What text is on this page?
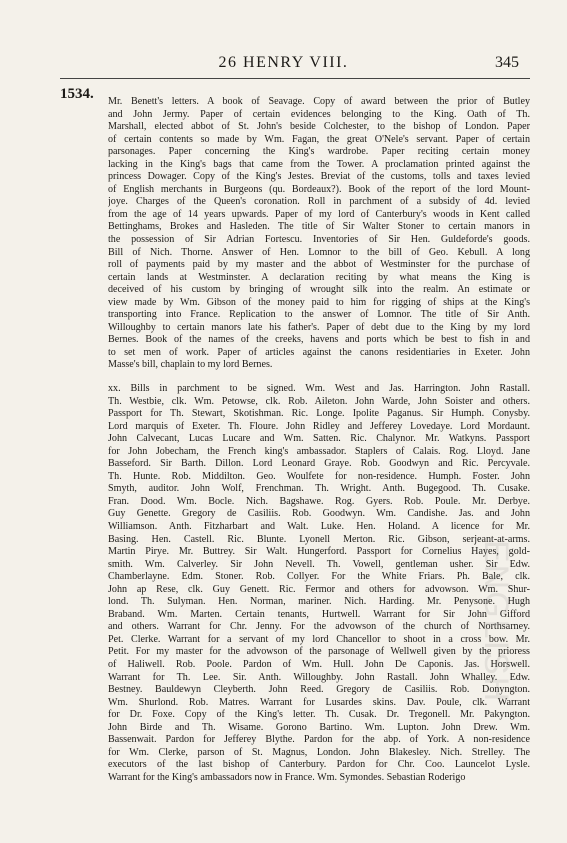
26 HENRY VIII.	345
1534. Mr. Benett's letters. A book of Seavage. Copy of award between the prior of Butley
and John Jermy. Paper of certain evidences belonging to the King. Oath of Th.
Marshall, elected abbot of St. John's beside Colchester, to the bishop of London. Paper
of certain contents so made by Wm. Fagan, the great O'Nele's servant. Paper of certain
parsonages. Paper concerning the King's wardrobe. Paper reciting certain money
lacking in the King's bags that came from the Tower. A proclamation printed against the
princess Dowager. Copy of the King's Jestes. Breviat of the customs, tolls and taxes levied
of English merchants in Burgeons (qu. Bordeaux?). Book of the report of the lord Mount-
joye. Charges of the Queen's coronation. Roll in parchment of a subsidy of 4d. levied
from the age of 14 years upwards. Paper of my lord of Canterbury's woods in Kent called
Bettinghams, Brokes and Hasleden. The title of Sir Walter Stoner to certain manors in
the possession of Sir Adrian Fortescu. Inventories of Sir Hen. Guldeforde's goods.
Bill of Nich. Thorne. Answer of Hen. Lomnor to the bill of Geo. Kebull. A long
roll of payments paid by my master and the abbot of Westminster for the purchase of
certain lands at Westminster. A declaration reciting by what means the King is
deceived of his custom by bringing of wrought silk into the realm. An estimate or
view made by Wm. Gibson of the money paid to him for rigging of ships at the King's
transporting into France. Replication to the answer of Lomnor. The title of Sir Anth.
Willoughby to certain manors late his father's. Paper of debt due to the King by my lord
Bernes. Book of the names of the creeks, havens and ports which be best to fish in and
to set men of work. Paper of articles against the canons residentiaries in Exeter. John
Masse's bill, chaplain to my lord Bernes.
xx. Bills in parchment to be signed. Wm. West and Jas. Harrington. John Rastall.
Th. Westbie, clk. Wm. Petowse, clk. Rob. Aileton. John Warde, John Soister and others.
Passport for Th. Stewart, Skotishman. Ric. Longe. Ipolite Paganus. Sir Humph. Conysby.
Lord marquis of Exeter. Th. Floure. John Ridley and Jefferey Lovedaye. Lord Mordaunt.
John Calvecant, Lucas Lucare and Wm. Satten. Ric. Chalynor. Mr. Watkyns. Passport
for John Jobecham, the French king's ambassador. Staplers of Calais. Rog. Lloyd. Jane
Basseford. Sir Barth. Dillon. Lord Leonard Graye. Rob. Goodwyn and Ric. Percyvale.
Th. Hunte. Rob. Middilton. Geo. Woulfete for non-residence. Humph. Foster. John
Smyth, auditor. John Wolf, Frenchman. Th. Wright. Anth. Bugegood. Th. Cusake.
Fran. Dood. Wm. Bocle. Nich. Bagshawe. Rog. Gyers. Rob. Poule. Mr. Derbye.
Guy Genette. Gregory de Casiliis. Rob. Goodwyn. Wm. Candishe. Jas. and John
Williamson. Anth. Fitzharbart and Walt. Luke. Hen. Holand. A licence for Mr.
Basing. Hen. Castell. Ric. Blunte. Lyonell Merton. Ric. Gibson, serjeant-at-arms.
Martin Pirye. Mr. Buttrey. Sir Walt. Hungerford. Passport for Cornelius Hayes, gold-
smith. Wm. Calverley. Sir John Nevell. Th. Vowell, gentleman usher. Sir Edw.
Chamberlayne. Edm. Stoner. Rob. Collyer. For the White Friars. Ph. Bale, clk.
John ap Rese, clk. Guy Genett. Ric. Fermor and others for advowson. Wm. Shur-
lond. Th. Sulyman. Hen. Norman, mariner. Nich. Harding. Mr. Penysone. Hugh
Braband. Wm. Marten. Certain tenants, Hurtwell. Warrant for Sir John Gifford
and others. Warrant for Chr. Jenny. For the advowson of the church of Northsarney.
Pet. Clerke. Warrant for a servant of my lord Chancellor to shoot in a cross bow. Mr.
Petit. For my master for the advowson of the parsonage of Wellwell given by the prioress
of Haliwell. Rob. Poole. Pardon of Wm. Hull. John De Caponis. Jas. Horswell.
Warrant for Th. Lee. Sir. Anth. Willoughby. John Rastall. John Whalley. Edw.
Bestney. Bauldewyn Cleyberth. John Reed. Gregory de Casiliis. Rob. Donyngton.
Wm. Shurlond. Rob. Matres. Warrant for Lusardes skins. Dav. Poule, clk. Warrant
for Dr. Foxe. Copy of the King's letter. Th. Cusak. Dr. Tregonell. Mr. Pakyngton.
John Birde and Th. Wisame. Gorono Bartino. Wm. Lupton. John Drew. Wm.
Bassenwait. Pardon for Jefferey Blythe. Pardon for the abp. of York. A non-residence
for Wm. Clerke, parson of St. Magnus, London. John Blakesley. Nich. Strelley. The
executors of the last bishop of Canterbury. Pardon for Chr. Coo. Launcelot Lysle.
Warrant for the King's ambassadors now in France. Wm. Symondes. Sebastian Roderigo
ENGLISH
